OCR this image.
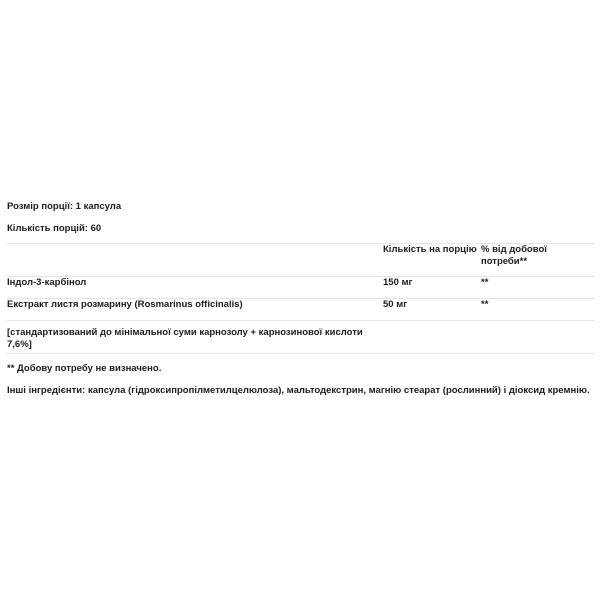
Розмір порції: 1 капсула
Кількість порцій: 60
	Кількість на порцію	% від добової потреби**
Індол-3-карбінол	150 мг	**
Екстракт листя розмарину (Rosmarinus officinalis)	50 мг	**
[стандартизований до мінімальної суми карнозолу + карнозинової кислоти 7,6%]		
** Добову потребу не визначено.
Інші інгредієнти: капсула (гідроксипропілметилцелюлоза), мальтодекстрин, магнію стеарат (рослинний) і діоксид кремнію.
